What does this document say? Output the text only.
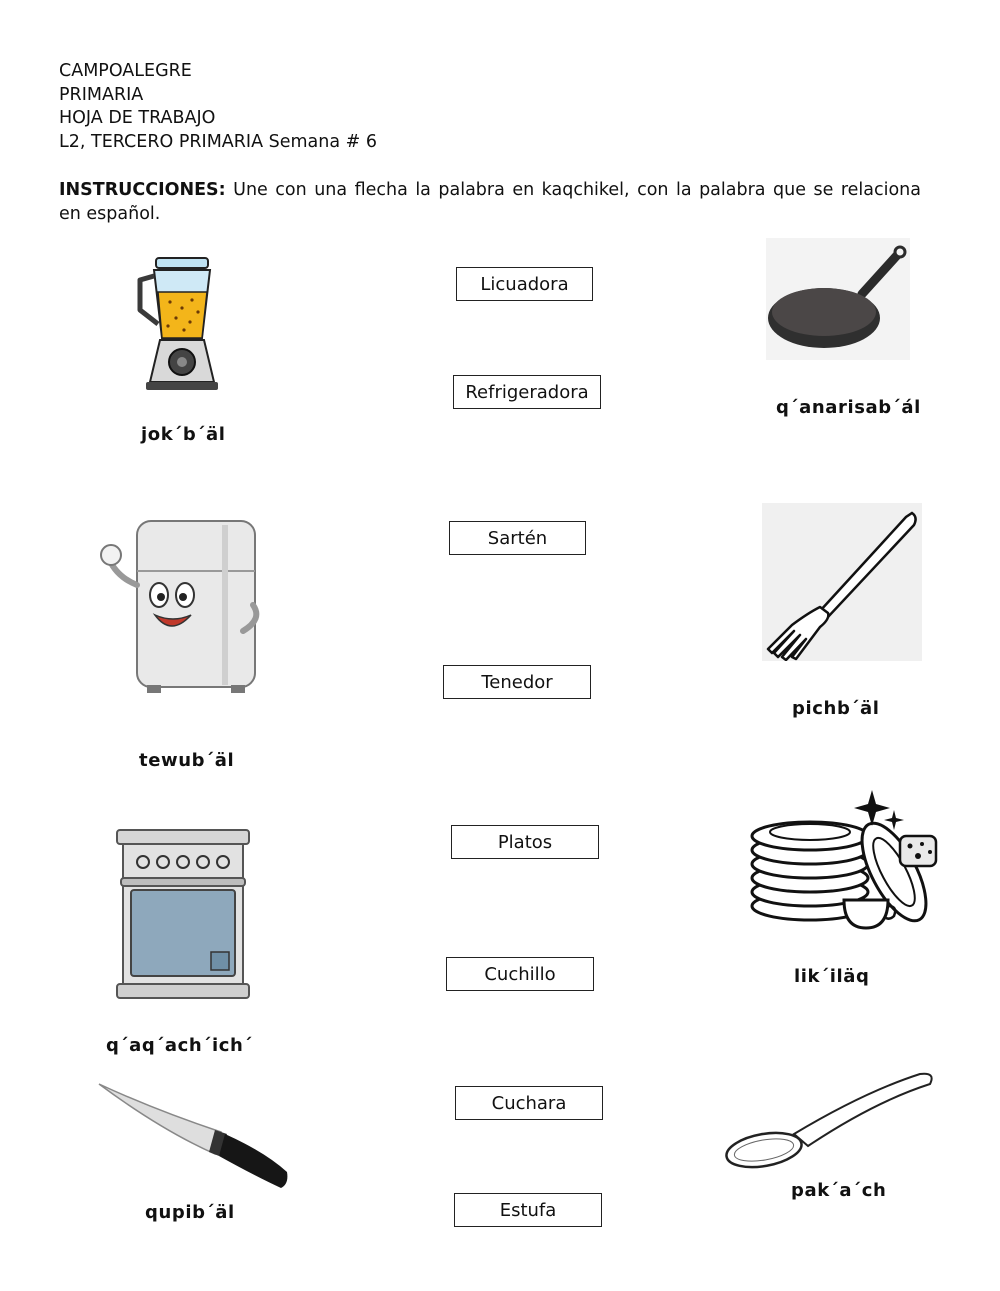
CAMPOALEGRE
PRIMARIA
HOJA DE TRABAJO
L2, TERCERO PRIMARIA Semana # 6
INSTRUCCIONES: Une con una flecha la palabra en kaqchikel, con la palabra que se relaciona en español.
Licuadora
Refrigeradora
Sartén
Tenedor
Platos
Cuchillo
Cuchara
Estufa
jok´b´äl
tewub´äl
q´aq´ach´ich´
qupib´äl
q´anarisab´ál
pichb´äl
lik´iläq
pak´a´ch
